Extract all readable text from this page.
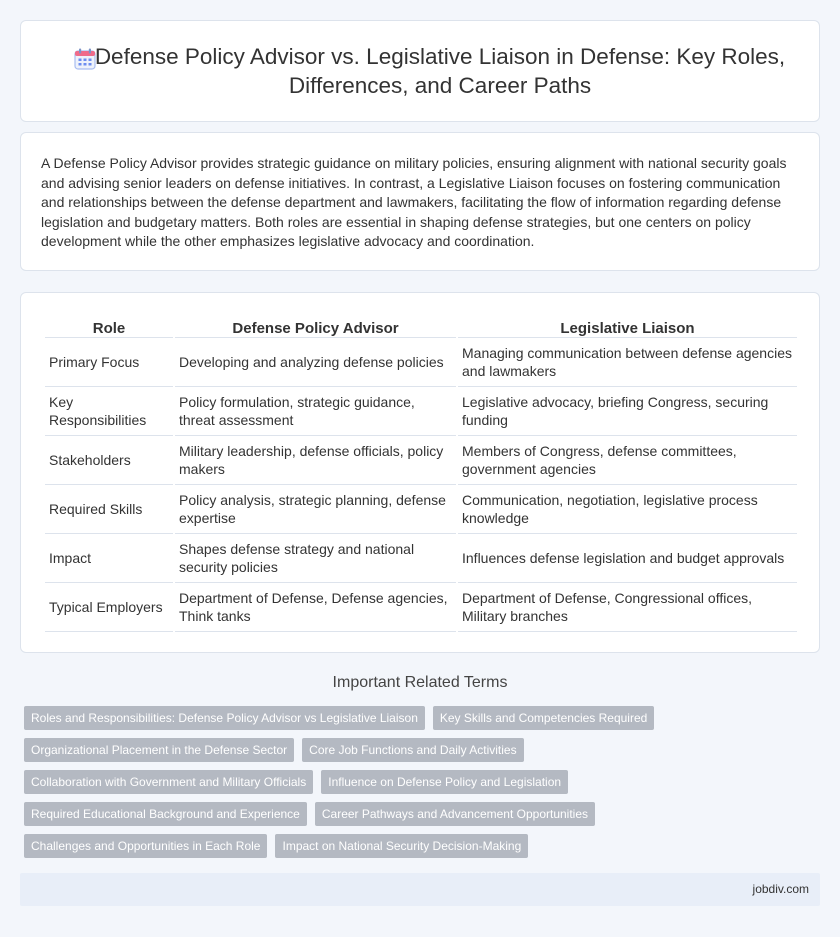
Defense Policy Advisor vs. Legislative Liaison in Defense: Key Roles, Differences, and Career Paths

A Defense Policy Advisor provides strategic guidance on military policies, ensuring alignment with national security goals and advising senior leaders on defense initiatives. In contrast, a Legislative Liaison focuses on fostering communication and relationships between the defense department and lawmakers, facilitating the flow of information regarding defense legislation and budgetary matters. Both roles are essential in shaping defense strategies, but one centers on policy development while the other emphasizes legislative advocacy and coordination.

Role	Defense Policy Advisor	Legislative Liaison
Primary Focus	Developing and analyzing defense policies	Managing communication between defense agencies and lawmakers
Key Responsibilities	Policy formulation, strategic guidance, threat assessment	Legislative advocacy, briefing Congress, securing funding
Stakeholders	Military leadership, defense officials, policy makers	Members of Congress, defense committees, government agencies
Required Skills	Policy analysis, strategic planning, defense expertise	Communication, negotiation, legislative process knowledge
Impact	Shapes defense strategy and national security policies	Influences defense legislation and budget approvals
Typical Employers	Department of Defense, Defense agencies, Think tanks	Department of Defense, Congressional offices, Military branches
Important Related Terms
Roles and Responsibilities: Defense Policy Advisor vs Legislative Liaison	Key Skills and Competencies Required
Organizational Placement in the Defense Sector	Core Job Functions and Daily Activities
Collaboration with Government and Military Officials	Influence on Defense Policy and Legislation
Required Educational Background and Experience	Career Pathways and Advancement Opportunities
Challenges and Opportunities in Each Role	Impact on National Security Decision-Making
jobdiv.com
